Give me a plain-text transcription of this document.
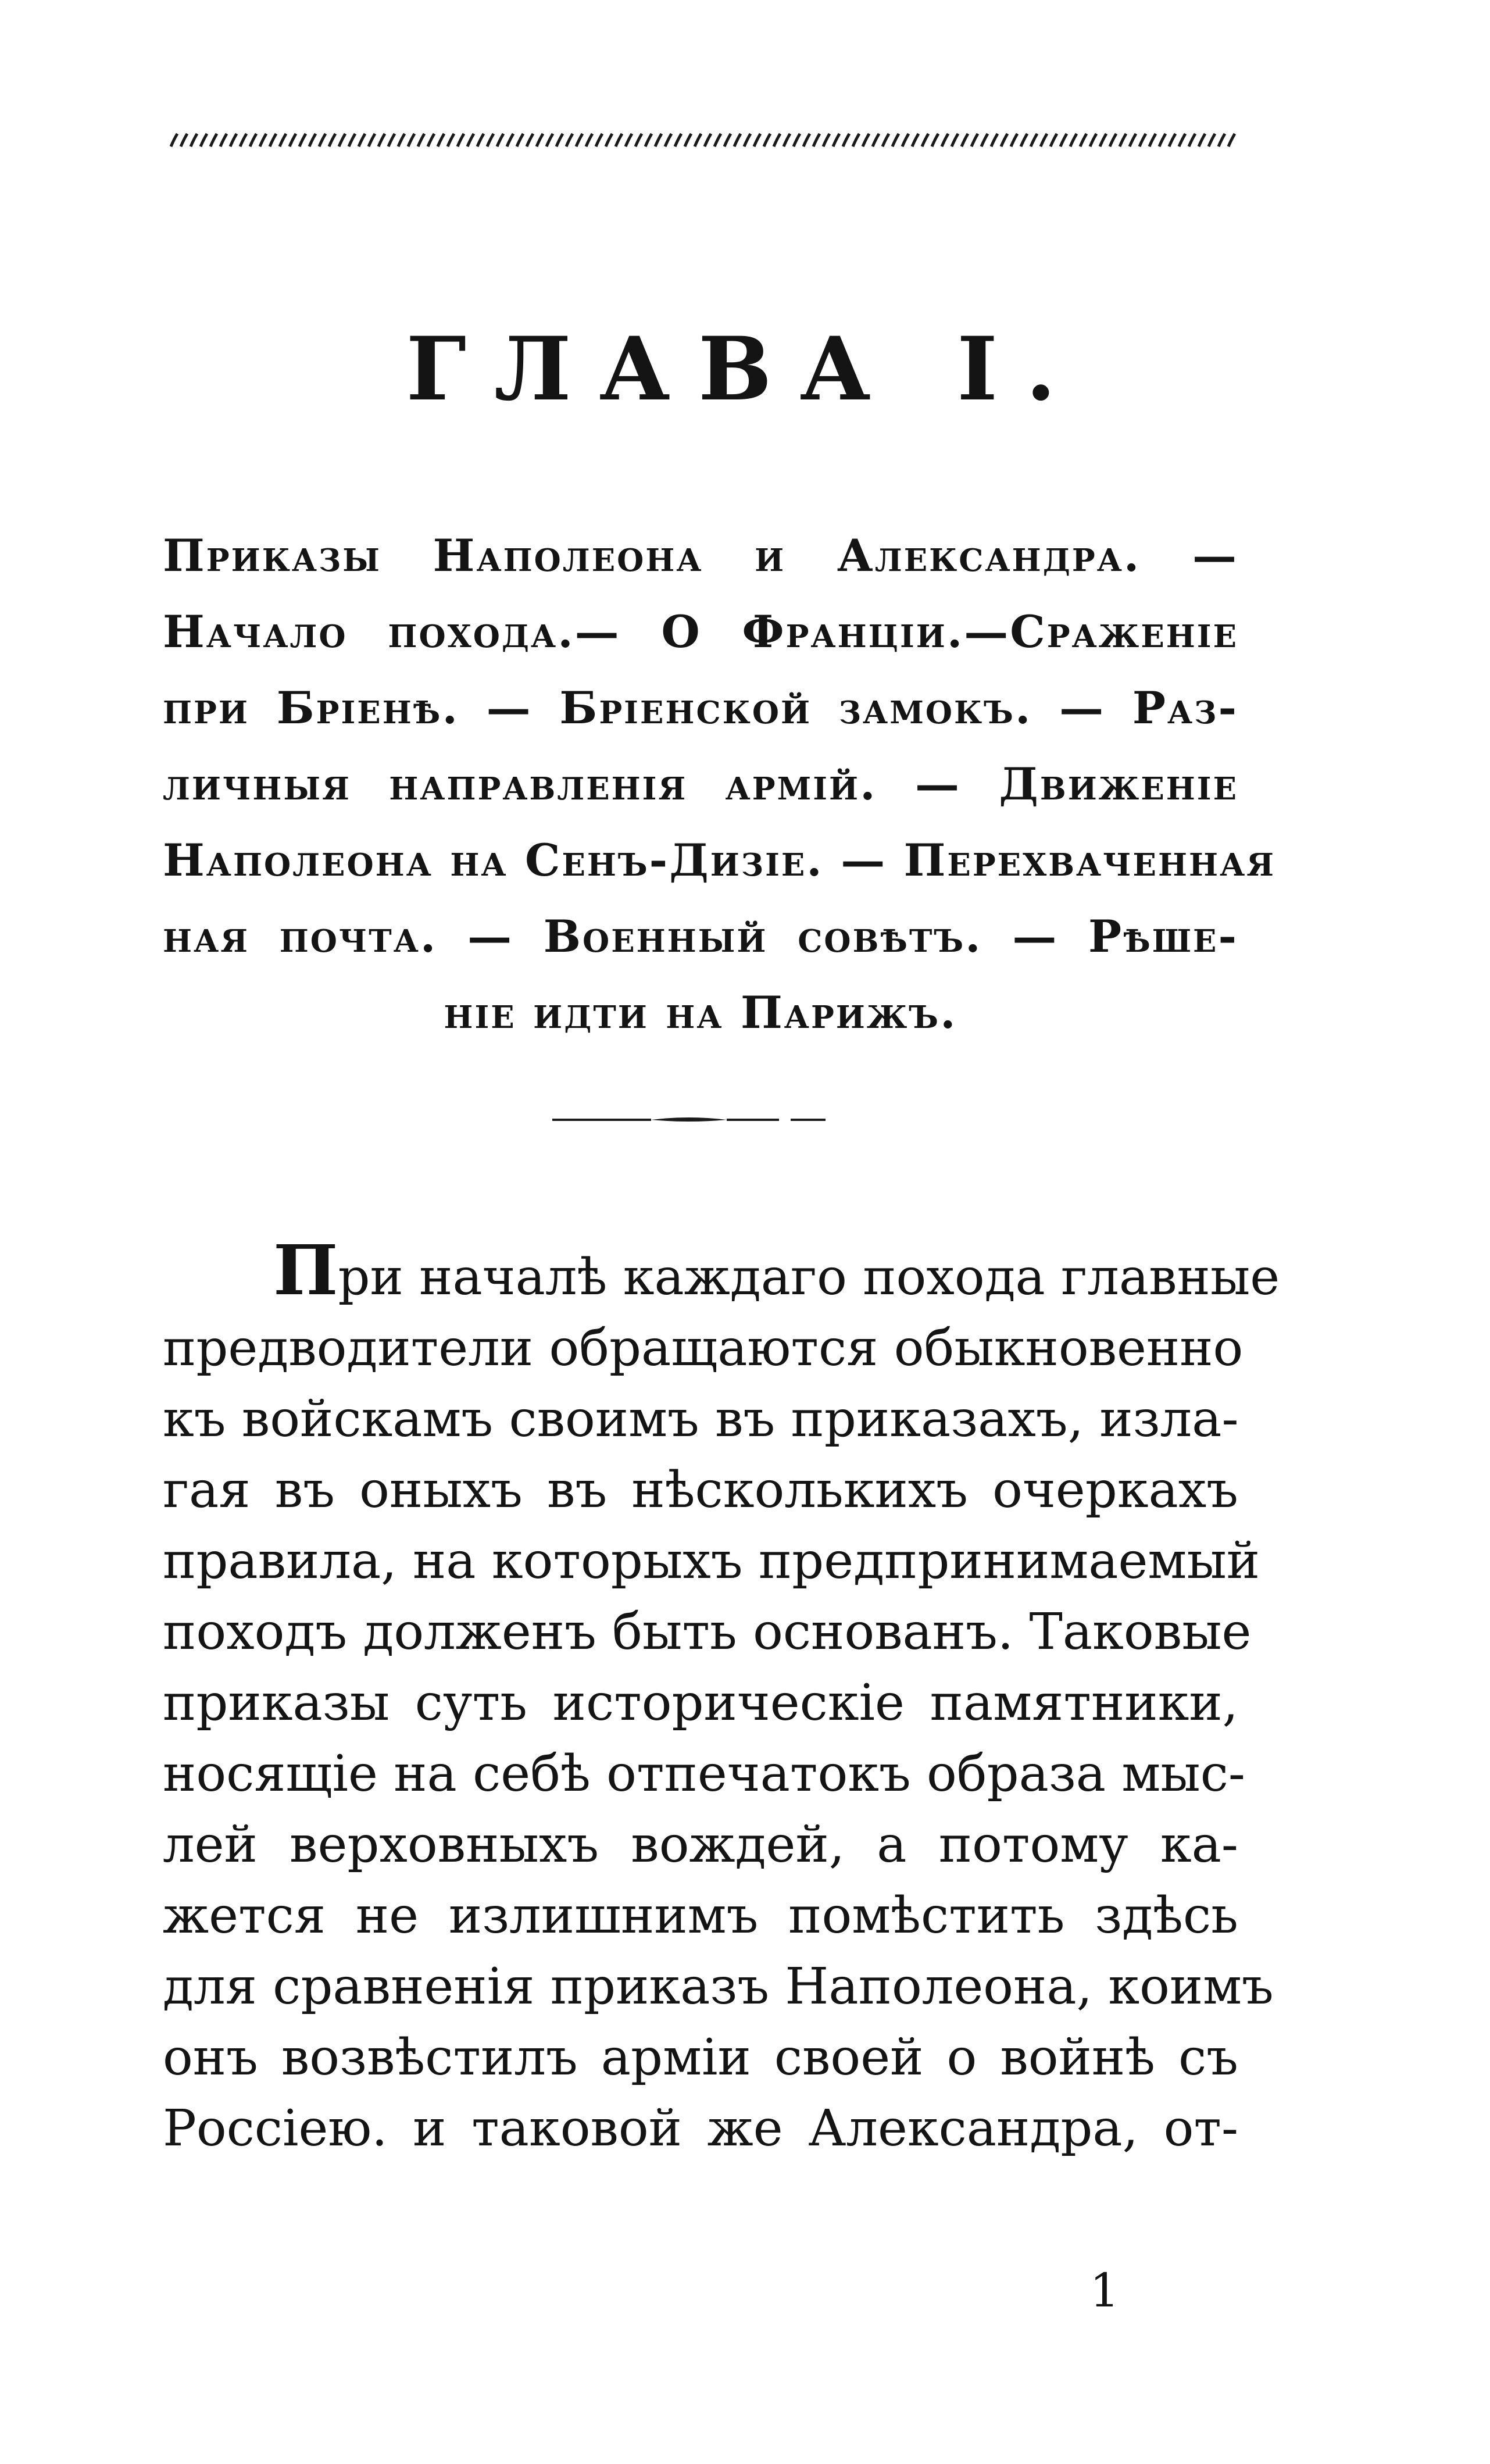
ГЛАВА I.
Приказы Наполеона и Александра. —
Начало похода.— О Франціи.—Сраженіе
при Бріенѣ. — Бріенской замокъ. — Раз-
личныя направленія армій. — Движеніе
Наполеона на Сенъ-Дизіе. — Перехваченная
ная почта. — Военный совѣтъ. — Рѣше-
ніе идти на Парижъ.
При началѣ каждаго похода главные
предводители обращаются обыкновенно
къ войскамъ своимъ въ приказахъ, изла-
гая въ оныхъ въ нѣсколькихъ очеркахъ
правила, на которыхъ предпринимаемый
походъ долженъ быть основанъ. Таковые
приказы суть историческіе памятники,
носящіе на себѣ отпечатокъ образа мыс-
лей верховныхъ вождей, а потому ка-
жется не излишнимъ помѣстить здѣсь
для сравненія приказъ Наполеона, коимъ
онъ возвѣстилъ арміи своей о войнѣ съ
Россіею. и таковой же Александра, от-
1
